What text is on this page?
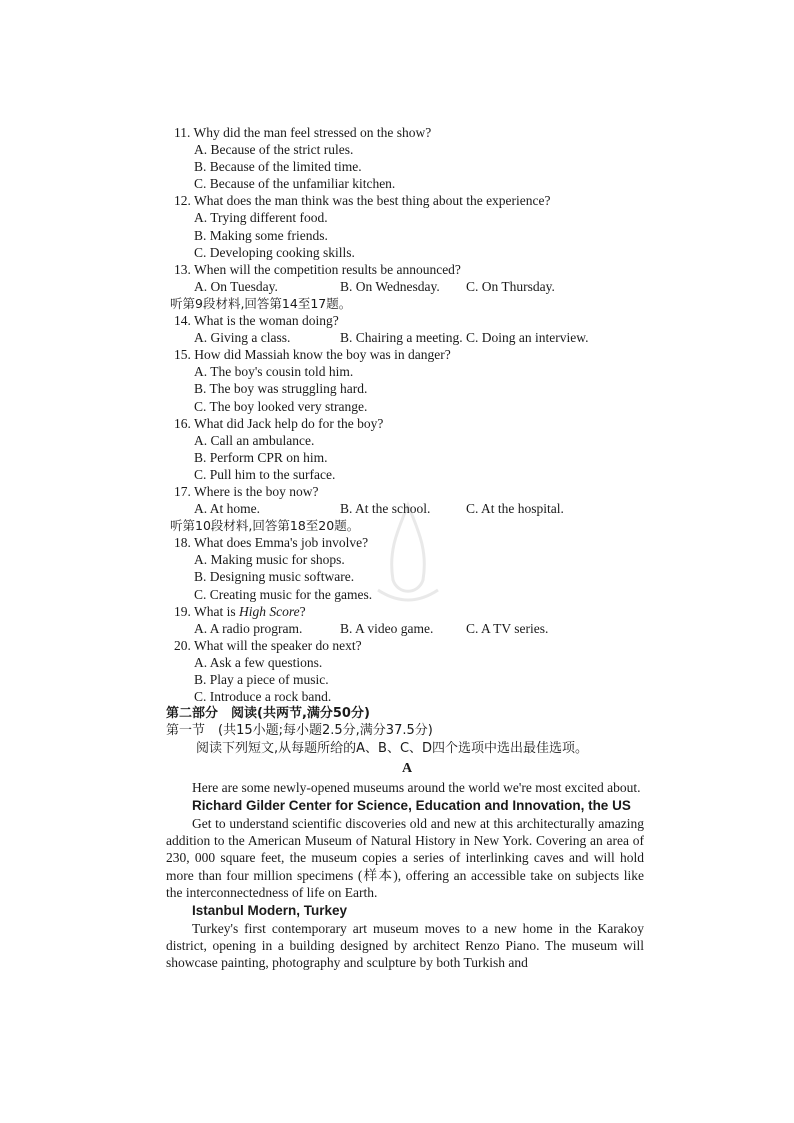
11. Why did the man feel stressed on the show?
A. Because of the strict rules.
B. Because of the limited time.
C. Because of the unfamiliar kitchen.
12. What does the man think was the best thing about the experience?
A. Trying different food.
B. Making some friends.
C. Developing cooking skills.
13. When will the competition results be announced?
A. On Tuesday.	B. On Wednesday.	C. On Thursday.
听第9段材料,回答第14至17题。
14. What is the woman doing?
A. Giving a class.	B. Chairing a meeting. C. Doing an interview.
15. How did Massiah know the boy was in danger?
A. The boy's cousin told him.
B. The boy was struggling hard.
C. The boy looked very strange.
16. What did Jack help do for the boy?
A. Call an ambulance.
B. Perform CPR on him.
C. Pull him to the surface.
17. Where is the boy now?
A. At home.	B. At the school.	C. At the hospital.
听第10段材料,回答第18至20题。
18. What does Emma's job involve?
A. Making music for shops.
B. Designing music software.
C. Creating music for the games.
19. What is High Score?
A. A radio program.	B. A video game.	C. A TV series.
20. What will the speaker do next?
A. Ask a few questions.
B. Play a piece of music.
C. Introduce a rock band.
第二部分　阅读(共两节,满分50分)
第一节　(共15小题;每小题2.5分,满分37.5分)
阅读下列短文,从每题所给的A、B、C、D四个选项中选出最佳选项。
A
Here are some newly-opened museums around the world we're most excited about.
Richard Gilder Center for Science, Education and Innovation, the US
Get to understand scientific discoveries old and new at this architecturally amazing addition to the American Museum of Natural History in New York. Covering an area of 230, 000 square feet, the museum copies a series of interlinking caves and will hold more than four million specimens (样本), offering an accessible take on subjects like the interconnectedness of life on Earth.
Istanbul Modern, Turkey
Turkey's first contemporary art museum moves to a new home in the Karakoy district, opening in a building designed by architect Renzo Piano. The museum will showcase painting, photography and sculpture by both Turkish and
